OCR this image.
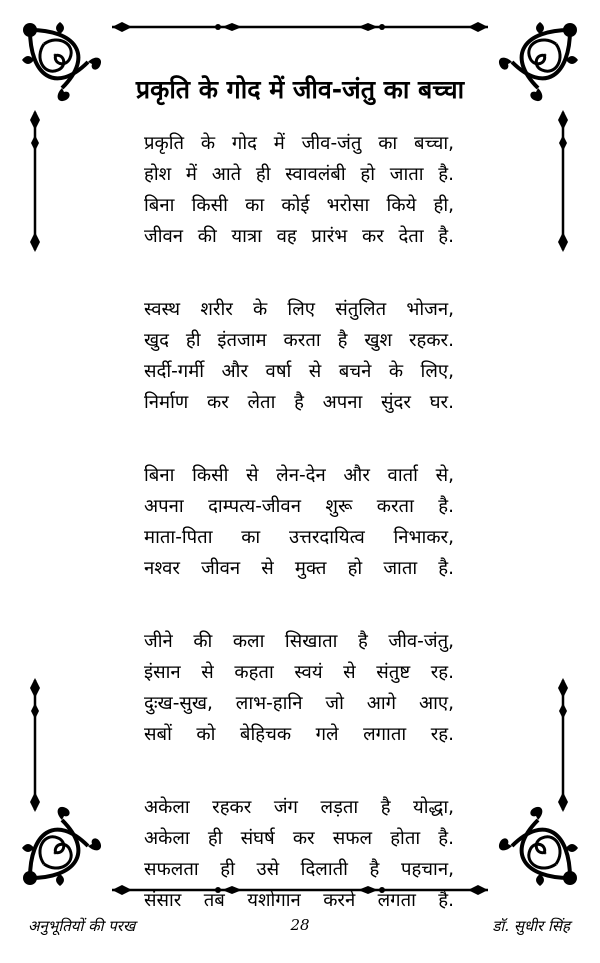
प्रकृति के गोद में जीव-जंतु का बच्चा
प्रकृति के गोद में जीव-जंतु का बच्चा,
होश में आते ही स्वावलंबी हो जाता है.
बिना किसी का कोई भरोसा किये ही,
जीवन की यात्रा वह प्रारंभ कर देता है.
स्वस्थ शरीर के लिए संतुलित भोजन,
खुद ही इंतजाम करता है खुश रहकर.
सर्दी-गर्मी और वर्षा से बचने के लिए,
निर्माण कर लेता है अपना सुंदर घर.
बिना किसी से लेन-देन और वार्ता से,
अपना दाम्पत्य-जीवन शुरू करता है.
माता-पिता का उत्तरदायित्व निभाकर,
नश्वर जीवन से मुक्त हो जाता है.
जीने की कला सिखाता है जीव-जंतु,
इंसान से कहता स्वयं से संतुष्ट रह.
दुःख-सुख, लाभ-हानि जो आगे आए,
सबों को बेहिचक गले लगाता रह.
अकेला रहकर जंग लड़ता है योद्धा,
अकेला ही संघर्ष कर सफल होता है.
सफलता ही उसे दिलाती है पहचान,
संसार तब यशोगान करने लगता है.
अनुभूतियों की परख	28	डॉ. सुधीर सिंह
